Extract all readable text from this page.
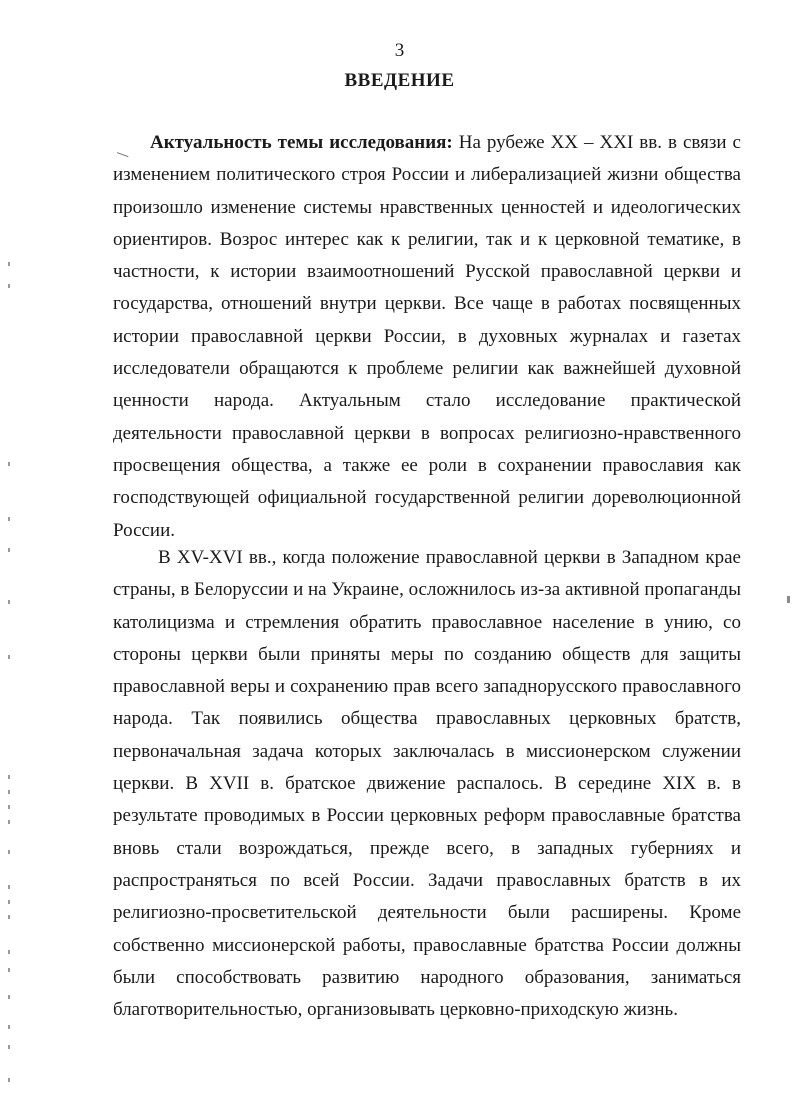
3
ВВЕДЕНИЕ

Актуальность темы исследования: На рубеже XX – XXI вв. в связи с изменением политического строя России и либерализацией жизни общества произошло изменение системы нравственных ценностей и идеологических ориентиров. Возрос интерес как к религии, так и к церковной тематике, в частности, к истории взаимоотношений Русской православной церкви и государства, отношений внутри церкви. Все чаще в работах посвященных истории православной церкви России, в духовных журналах и газетах исследователи обращаются к проблеме религии как важнейшей духовной ценности народа. Актуальным стало исследование практической деятельности православной церкви в вопросах религиозно-нравственного просвещения общества, а также ее роли в сохранении православия как господствующей официальной государственной религии дореволюционной России.

В XV-XVI вв., когда положение православной церкви в Западном крае страны, в Белоруссии и на Украине, осложнилось из-за активной пропаганды католицизма и стремления обратить православное население в унию, со стороны церкви были приняты меры по созданию обществ для защиты православной веры и сохранению прав всего западнорусского православного народа. Так появились общества православных церковных братств, первоначальная задача которых заключалась в миссионерском служении церкви. В XVII в. братское движение распалось. В середине XIX в. в результате проводимых в России церковных реформ православные братства вновь стали возрождаться, прежде всего, в западных губерниях и распространяться по всей России. Задачи православных братств в их религиозно-просветительской деятельности были расширены. Кроме собственно миссионерской работы, православные братства России должны были способствовать развитию народного образования, заниматься благотворительностью, организовывать церковно-приходскую жизнь.
